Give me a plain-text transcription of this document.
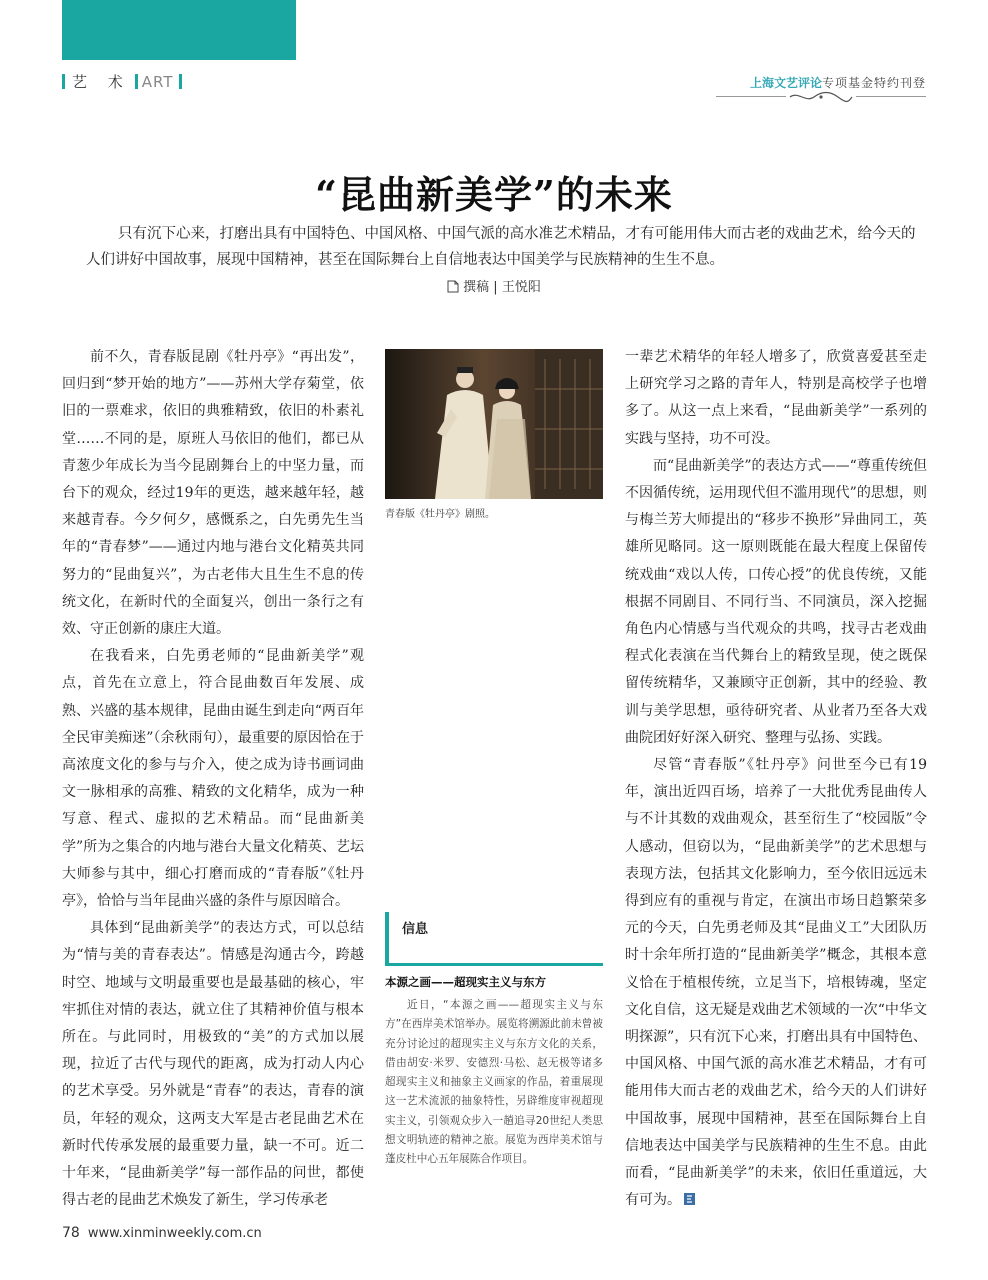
艺 术 ART	上海文艺评论专项基金特约刊登
“昆曲新美学”的未来
只有沉下心来，打磨出具有中国特色、中国风格、中国气派的高水准艺术精品，才有可能用伟大而古老的戏曲艺术，给今天的人们讲好中国故事，展现中国精神，甚至在国际舞台上自信地表达中国美学与民族精神的生生不息。
撰稿 | 王悦阳

前不久，青春版昆剧《牡丹亭》“再出发”，回归到“梦开始的地方”——苏州大学存菊堂，依旧的一票难求，依旧的典雅精致，依旧的朴素礼堂……不同的是，原班人马依旧的他们，都已从青葱少年成长为当今昆剧舞台上的中坚力量，而台下的观众，经过19年的更迭，越来越年轻，越来越青春。今夕何夕，感慨系之，白先勇先生当年的“青春梦”——通过内地与港台文化精英共同努力的“昆曲复兴”，为古老伟大且生生不息的传统文化，在新时代的全面复兴，创出一条行之有效、守正创新的康庄大道。

在我看来，白先勇老师的“昆曲新美学”观点，首先在立意上，符合昆曲数百年发展、成熟、兴盛的基本规律，昆曲由诞生到走向“两百年全民审美痴迷”（余秋雨句），最重要的原因恰在于高浓度文化的参与与介入，使之成为诗书画词曲文一脉相承的高雅、精致的文化精华，成为一种写意、程式、虚拟的艺术精品。而“昆曲新美学”所为之集合的内地与港台大量文化精英、艺坛大师参与其中，细心打磨而成的“青春版”《牡丹亭》，恰恰与当年昆曲兴盛的条件与原因暗合。

具体到“昆曲新美学”的表达方式，可以总结为“情与美的青春表达”。情感是沟通古今，跨越时空、地域与文明最重要也是最基础的核心，牢牢抓住对情的表达，就立住了其精神价值与根本所在。与此同时，用极致的“美”的方式加以展现，拉近了古代与现代的距离，成为打动人内心的艺术享受。另外就是“青春”的表达，青春的演员，年轻的观众，这两支大军是古老昆曲艺术在新时代传承发展的最重要力量，缺一不可。近二十年来，“昆曲新美学”每一部作品的问世，都使得古老的昆曲艺术焕发了新生，学习传承老

青春版《牡丹亭》剧照。
信息
本源之画——超现实主义与东方
近日，“本源之画——超现实主义与东方”在西岸美术馆举办。展览将溯源此前未曾被充分讨论过的超现实主义与东方文化的关系，借由胡安·米罗、安德烈·马松、赵无极等诸多超现实主义和抽象主义画家的作品，着重展现这一艺术流派的抽象特性，另辟维度审视超现实主义，引领观众步入一趟追寻20世纪人类思想文明轨迹的精神之旅。展览为西岸美术馆与蓬皮杜中心五年展陈合作项目。

一辈艺术精华的年轻人增多了，欣赏喜爱甚至走上研究学习之路的青年人，特别是高校学子也增多了。从这一点上来看，“昆曲新美学”一系列的实践与坚持，功不可没。

而“昆曲新美学”的表达方式——“尊重传统但不因循传统，运用现代但不滥用现代”的思想，则与梅兰芳大师提出的“移步不换形”异曲同工，英雄所见略同。这一原则既能在最大程度上保留传统戏曲“戏以人传，口传心授”的优良传统，又能根据不同剧目、不同行当、不同演员，深入挖掘角色内心情感与当代观众的共鸣，找寻古老戏曲程式化表演在当代舞台上的精致呈现，使之既保留传统精华，又兼顾守正创新，其中的经验、教训与美学思想，亟待研究者、从业者乃至各大戏曲院团好好深入研究、整理与弘扬、实践。

尽管“青春版”《牡丹亭》问世至今已有19年，演出近四百场，培养了一大批优秀昆曲传人与不计其数的戏曲观众，甚至衍生了“校园版”令人感动，但窃以为，“昆曲新美学”的艺术思想与表现方法，包括其文化影响力，至今依旧远远未得到应有的重视与肯定，在演出市场日趋繁荣多元的今天，白先勇老师及其“昆曲义工”大团队历时十余年所打造的“昆曲新美学”概念，其根本意义恰在于植根传统，立足当下，培根铸魂，坚定文化自信，这无疑是戏曲艺术领域的一次“中华文明探源”，只有沉下心来，打磨出具有中国特色、中国风格、中国气派的高水准艺术精品，才有可能用伟大而古老的戏曲艺术，给今天的人们讲好中国故事，展现中国精神，甚至在国际舞台上自信地表达中国美学与民族精神的生生不息。由此而看，“昆曲新美学”的未来，依旧任重道远，大有可为。

78 www.xinminweekly.com.cn
